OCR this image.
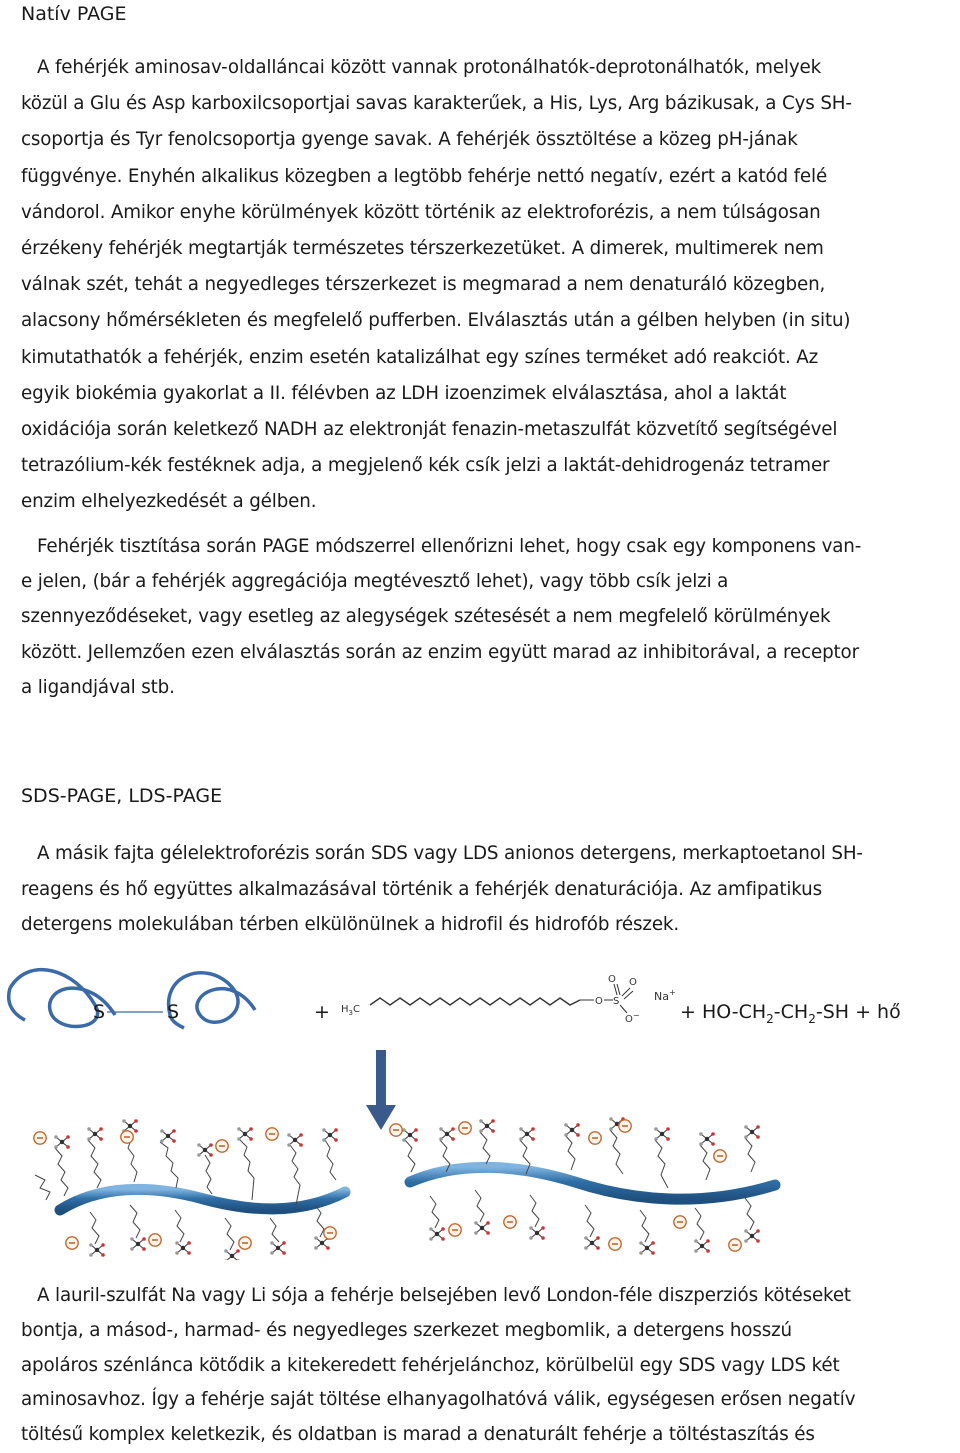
Natív PAGE
A fehérjék aminosav-oldalláncai között vannak protonálhatók-deprotonálhatók, melyek
közül a Glu és Asp karboxilcsoportjai savas karakterűek, a His, Lys, Arg bázikusak, a Cys SH-
csoportja és Tyr fenolcsoportja gyenge savak. A fehérjék össztöltése a közeg pH-jának
függvénye. Enyhén alkalikus közegben a legtöbb fehérje nettó negatív, ezért a katód felé
vándorol. Amikor enyhe körülmények között történik az elektroforézis, a nem túlságosan
érzékeny fehérjék megtartják természetes térszerkezetüket. A dimerek, multimerek nem
válnak szét, tehát a negyedleges térszerkezet is megmarad a nem denaturáló közegben,
alacsony hőmérsékleten és megfelelő pufferben. Elválasztás után a gélben helyben (in situ)
kimutathatók a fehérjék, enzim esetén katalizálhat egy színes terméket adó reakciót. Az
egyik biokémia gyakorlat a II. félévben az LDH izoenzimek elválasztása, ahol a laktát
oxidációja során keletkező NADH az elektronját fenazin-metaszulfát közvetítő segítségével
tetrazólium-kék festéknek adja, a megjelenő kék csík jelzi a laktát-dehidrogenáz tetramer
enzim elhelyezkedését a gélben.
Fehérjék tisztítása során PAGE módszerrel ellenőrizni lehet, hogy csak egy komponens van-
e jelen, (bár a fehérjék aggregációja megtévesztő lehet), vagy több csík jelzi a
szennyeződéseket, vagy esetleg az alegységek szétesését a nem megfelelő körülmények
között. Jellemzően ezen elválasztás során az enzim együtt marad az inhibitorával, a receptor
a ligandjával stb.
SDS-PAGE, LDS-PAGE
A másik fajta gélelektroforézis során SDS vagy LDS anionos detergens, merkaptoetanol SH-
reagens és hő együttes alkalmazásával történik a fehérjék denaturációja. Az amfipatikus
detergens molekulában térben elkülönülnek a hidrofil és hidrofób részek.
$H_3C$
O S
O O
O−
Na+
S	S	+	+ $HO-CH_2-CH_2-SH$ + hő
A lauril-szulfát Na vagy Li sója a fehérje belsejében levő London-féle diszperziós kötéseket
bontja, a másod-, harmad- és negyedleges szerkezet megbomlik, a detergens hosszú
apoláros szénlánca kötődik a kitekeredett fehérjelánchoz, körülbelül egy SDS vagy LDS két
aminosavhoz. Így a fehérje saját töltése elhanyagolhatóvá válik, egységesen erősen negatív
töltésű komplex keletkezik, és oldatban is marad a denaturált fehérje a töltéstaszítás és
